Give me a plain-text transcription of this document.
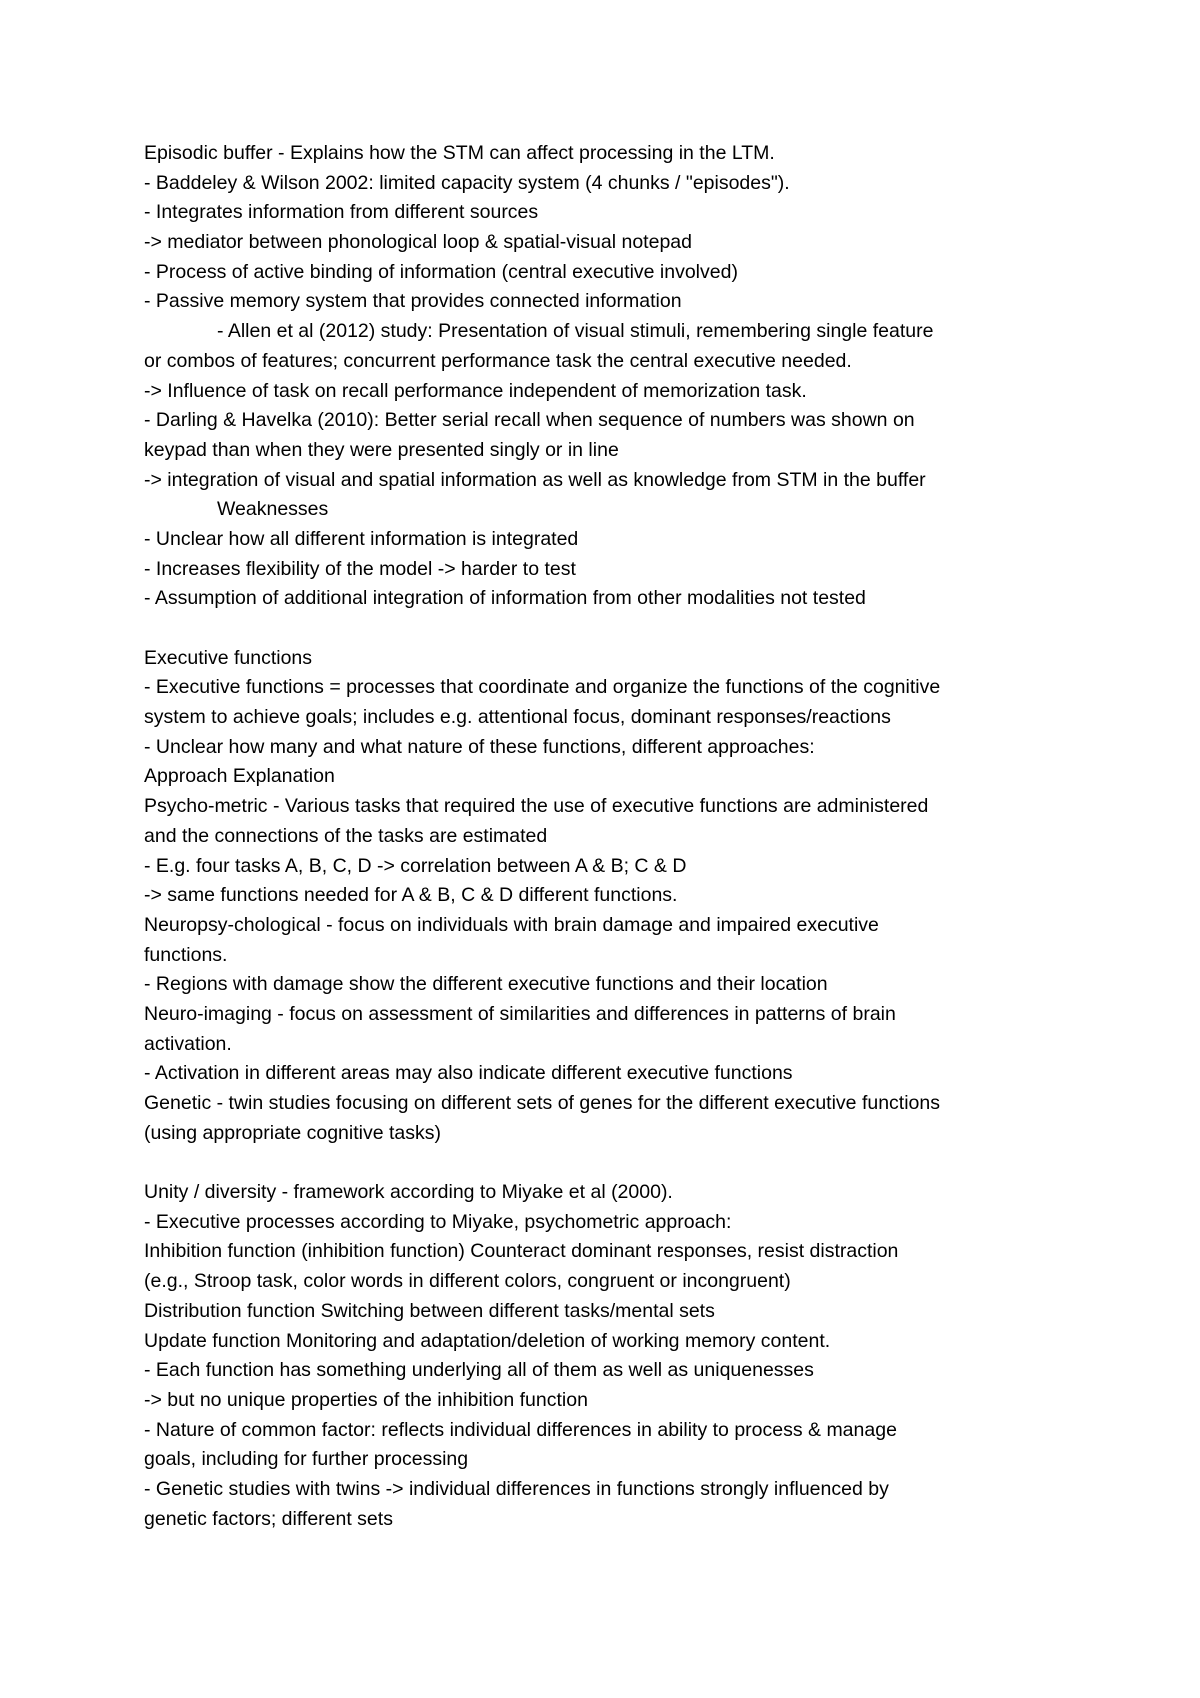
Episodic buffer - Explains how the STM can affect processing in the LTM.
- Baddeley & Wilson 2002: limited capacity system (4 chunks / "episodes").
- Integrates information from different sources
-> mediator between phonological loop & spatial-visual notepad
- Process of active binding of information (central executive involved)
- Passive memory system that provides connected information
- Allen et al (2012) study: Presentation of visual stimuli, remembering single feature
or combos of features; concurrent performance task the central executive needed.
-> Influence of task on recall performance independent of memorization task.
- Darling & Havelka (2010): Better serial recall when sequence of numbers was shown on
keypad than when they were presented singly or in line
-> integration of visual and spatial information as well as knowledge from STM in the buffer
Weaknesses
- Unclear how all different information is integrated
- Increases flexibility of the model -> harder to test
- Assumption of additional integration of information from other modalities not tested
Executive functions
- Executive functions = processes that coordinate and organize the functions of the cognitive
system to achieve goals; includes e.g. attentional focus, dominant responses/reactions
- Unclear how many and what nature of these functions, different approaches:
Approach Explanation
Psycho-metric - Various tasks that required the use of executive functions are administered
and the connections of the tasks are estimated
- E.g. four tasks A, B, C, D -> correlation between A & B; C & D
-> same functions needed for A & B, C & D different functions.
Neuropsy-chological - focus on individuals with brain damage and impaired executive
functions.
- Regions with damage show the different executive functions and their location
Neuro-imaging - focus on assessment of similarities and differences in patterns of brain
activation.
- Activation in different areas may also indicate different executive functions
Genetic - twin studies focusing on different sets of genes for the different executive functions
(using appropriate cognitive tasks)
Unity / diversity - framework according to Miyake et al (2000).
- Executive processes according to Miyake, psychometric approach:
Inhibition function (inhibition function) Counteract dominant responses, resist distraction
(e.g., Stroop task, color words in different colors, congruent or incongruent)
Distribution function Switching between different tasks/mental sets
Update function Monitoring and adaptation/deletion of working memory content.
- Each function has something underlying all of them as well as uniquenesses
-> but no unique properties of the inhibition function
- Nature of common factor: reflects individual differences in ability to process & manage
goals, including for further processing
- Genetic studies with twins -> individual differences in functions strongly influenced by
genetic factors; different sets
